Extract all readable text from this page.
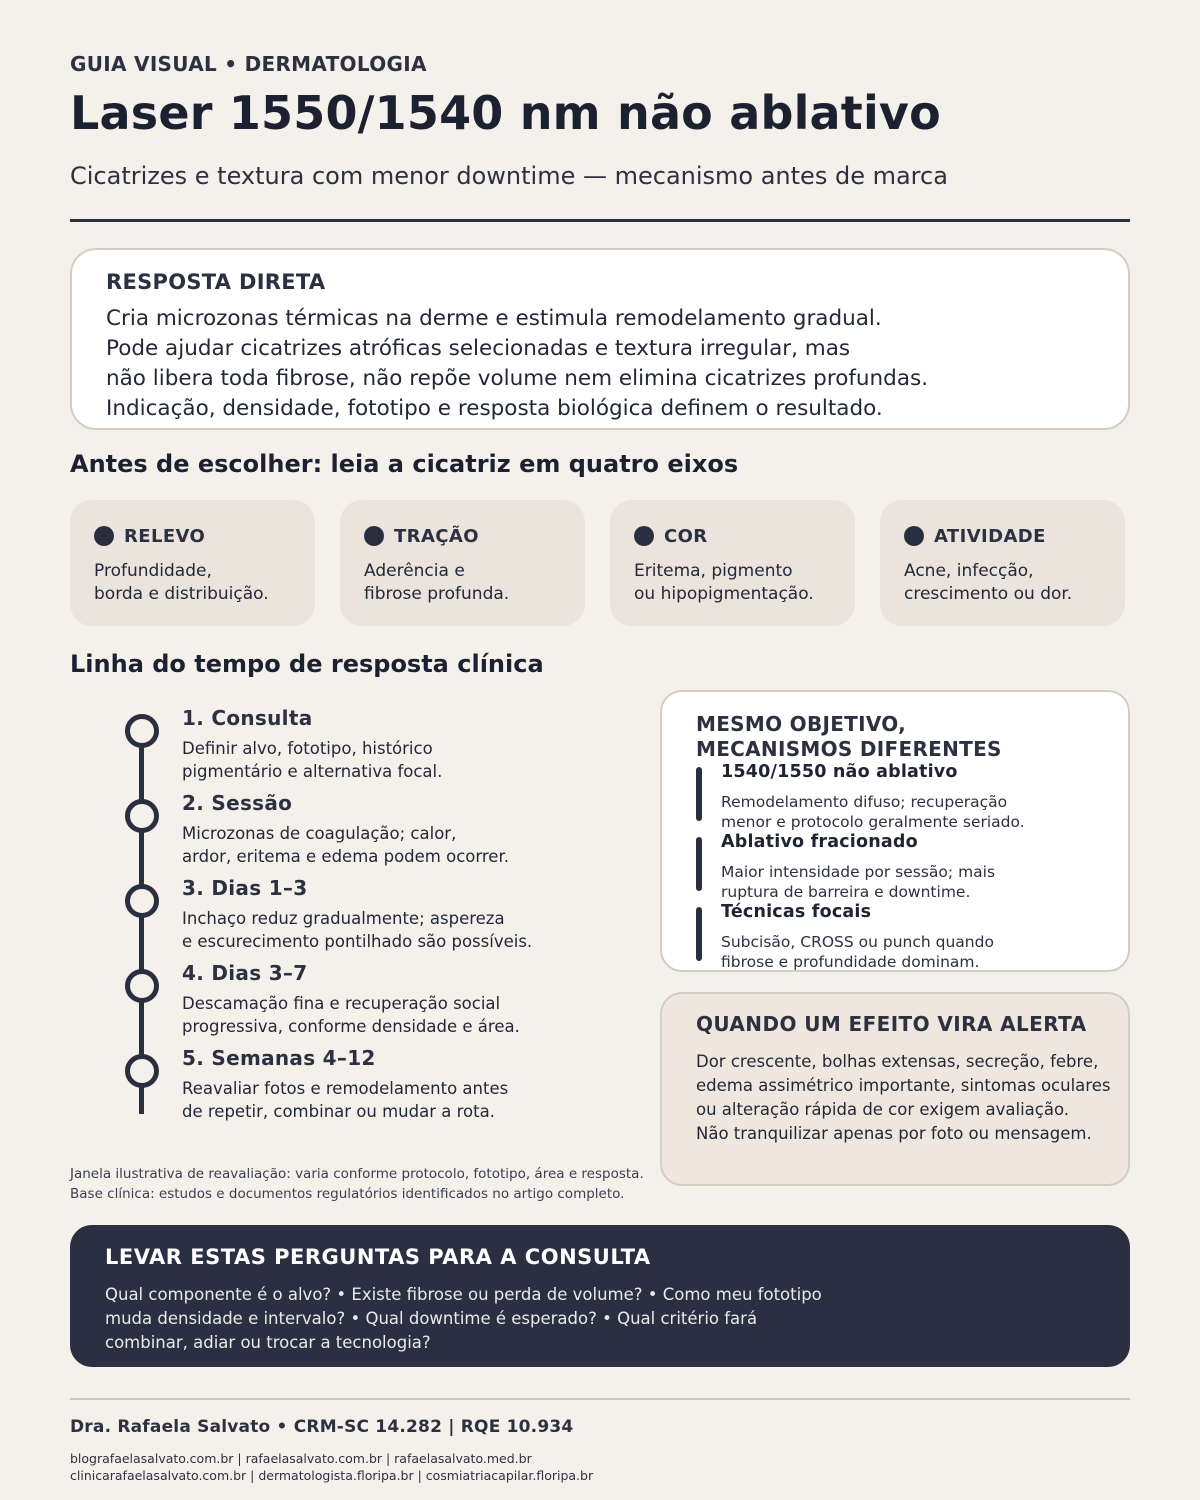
GUIA VISUAL • DERMATOLOGIA
Laser 1550/1540 nm não ablativo
Cicatrizes e textura com menor downtime — mecanismo antes de marca
RESPOSTA DIRETA
Cria microzonas térmicas na derme e estimula remodelamento gradual.
Pode ajudar cicatrizes atróficas selecionadas e textura irregular, mas
não libera toda fibrose, não repõe volume nem elimina cicatrizes profundas.
Indicação, densidade, fototipo e resposta biológica definem o resultado.
Antes de escolher: leia a cicatriz em quatro eixos
RELEVO
Profundidade,
borda e distribuição.
TRAÇÃO
Aderência e
fibrose profunda.
COR
Eritema, pigmento
ou hipopigmentação.
ATIVIDADE
Acne, infecção,
crescimento ou dor.
Linha do tempo de resposta clínica
1. Consulta
Definir alvo, fototipo, histórico
pigmentário e alternativa focal.
2. Sessão
Microzonas de coagulação; calor,
ardor, eritema e edema podem ocorrer.
3. Dias 1–3
Inchaço reduz gradualmente; aspereza
e escurecimento pontilhado são possíveis.
4. Dias 3–7
Descamação fina e recuperação social
progressiva, conforme densidade e área.
5. Semanas 4–12
Reavaliar fotos e remodelamento antes
de repetir, combinar ou mudar a rota.
MESMO OBJETIVO,
MECANISMOS DIFERENTES
1540/1550 não ablativo
Remodelamento difuso; recuperação
menor e protocolo geralmente seriado.
Ablativo fracionado
Maior intensidade por sessão; mais
ruptura de barreira e downtime.
Técnicas focais
Subcisão, CROSS ou punch quando
fibrose e profundidade dominam.
QUANDO UM EFEITO VIRA ALERTA
Dor crescente, bolhas extensas, secreção, febre,
edema assimétrico importante, sintomas oculares
ou alteração rápida de cor exigem avaliação.
Não tranquilizar apenas por foto ou mensagem.
Janela ilustrativa de reavaliação: varia conforme protocolo, fototipo, área e resposta.
Base clínica: estudos e documentos regulatórios identificados no artigo completo.
LEVAR ESTAS PERGUNTAS PARA A CONSULTA
Qual componente é o alvo? • Existe fibrose ou perda de volume? • Como meu fototipo
muda densidade e intervalo? • Qual downtime é esperado? • Qual critério fará
combinar, adiar ou trocar a tecnologia?
Dra. Rafaela Salvato • CRM-SC 14.282 | RQE 10.934
blografaelasalvato.com.br | rafaelasalvato.com.br | rafaelasalvato.med.br
clinicarafaelasalvato.com.br | dermatologista.floripa.br | cosmiatriacapilar.floripa.br
